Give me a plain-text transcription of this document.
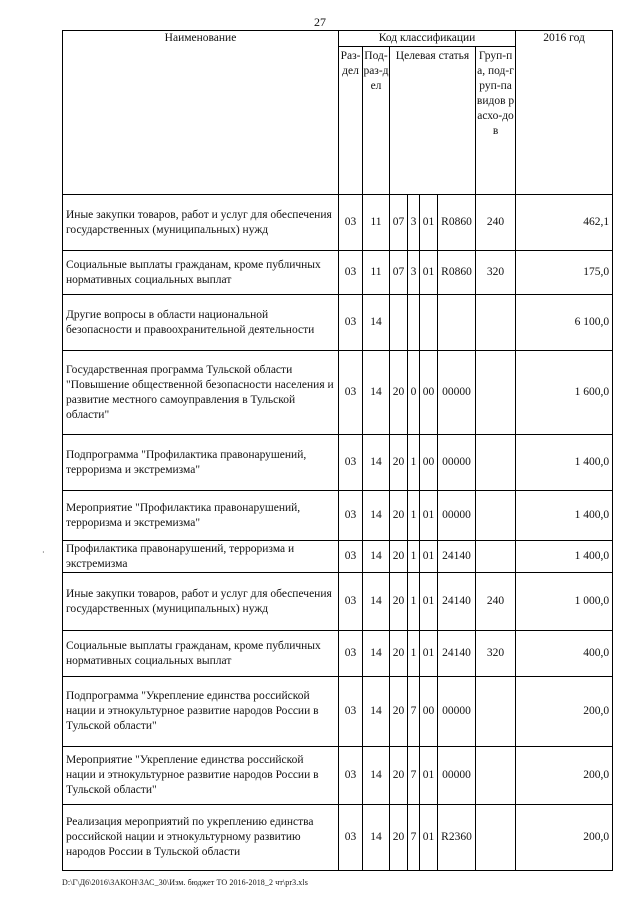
27
Наименование	Код классификации							2016 год

	Раз-дел	Под-раз-дел	Целевая статья				Груп-па, под-груп-па видов расхо-дов	

Иные закупки товаров, работ и услуг для обеспечения государственных (муниципальных) нужд	03	11	07	3	01	R0860	240	462,1
Социальные выплаты гражданам, кроме публичных нормативных социальных выплат	03	11	07	3	01	R0860	320	175,0
Другие вопросы в области национальной безопасности и правоохранительной деятельности	03	14						6 100,0
Государственная программа Тульской области "Повышение общественной безопасности населения и развитие местного самоуправления в Тульской области"	03	14	20	0	00	00000		1 600,0
Подпрограмма "Профилактика правонарушений, терроризма и экстремизма"	03	14	20	1	00	00000		1 400,0
Мероприятие "Профилактика правонарушений, терроризма и экстремизма"	03	14	20	1	01	00000		1 400,0
Профилактика правонарушений, терроризма и экстремизма	03	14	20	1	01	24140		1 400,0
Иные закупки товаров, работ и услуг для обеспечения государственных (муниципальных) нужд	03	14	20	1	01	24140	240	1 000,0
Социальные выплаты гражданам, кроме публичных нормативных социальных выплат	03	14	20	1	01	24140	320	400,0
Подпрограмма "Укрепление единства российской нации и этнокультурное развитие народов России в Тульской области"	03	14	20	7	00	00000		200,0
Мероприятие "Укрепление единства российской нации и этнокультурное развитие народов России в Тульской области"	03	14	20	7	01	00000		200,0
Реализация мероприятий по укреплению единства российской нации и этнокультурному развитию народов России в Тульской области	03	14	20	7	01	R2360		200,0
·
D:\Г\Д6\2016\ЗАКОН\ЗАС_30\Изм. бюджет ТО 2016-2018_2 чт\pr3.xls
